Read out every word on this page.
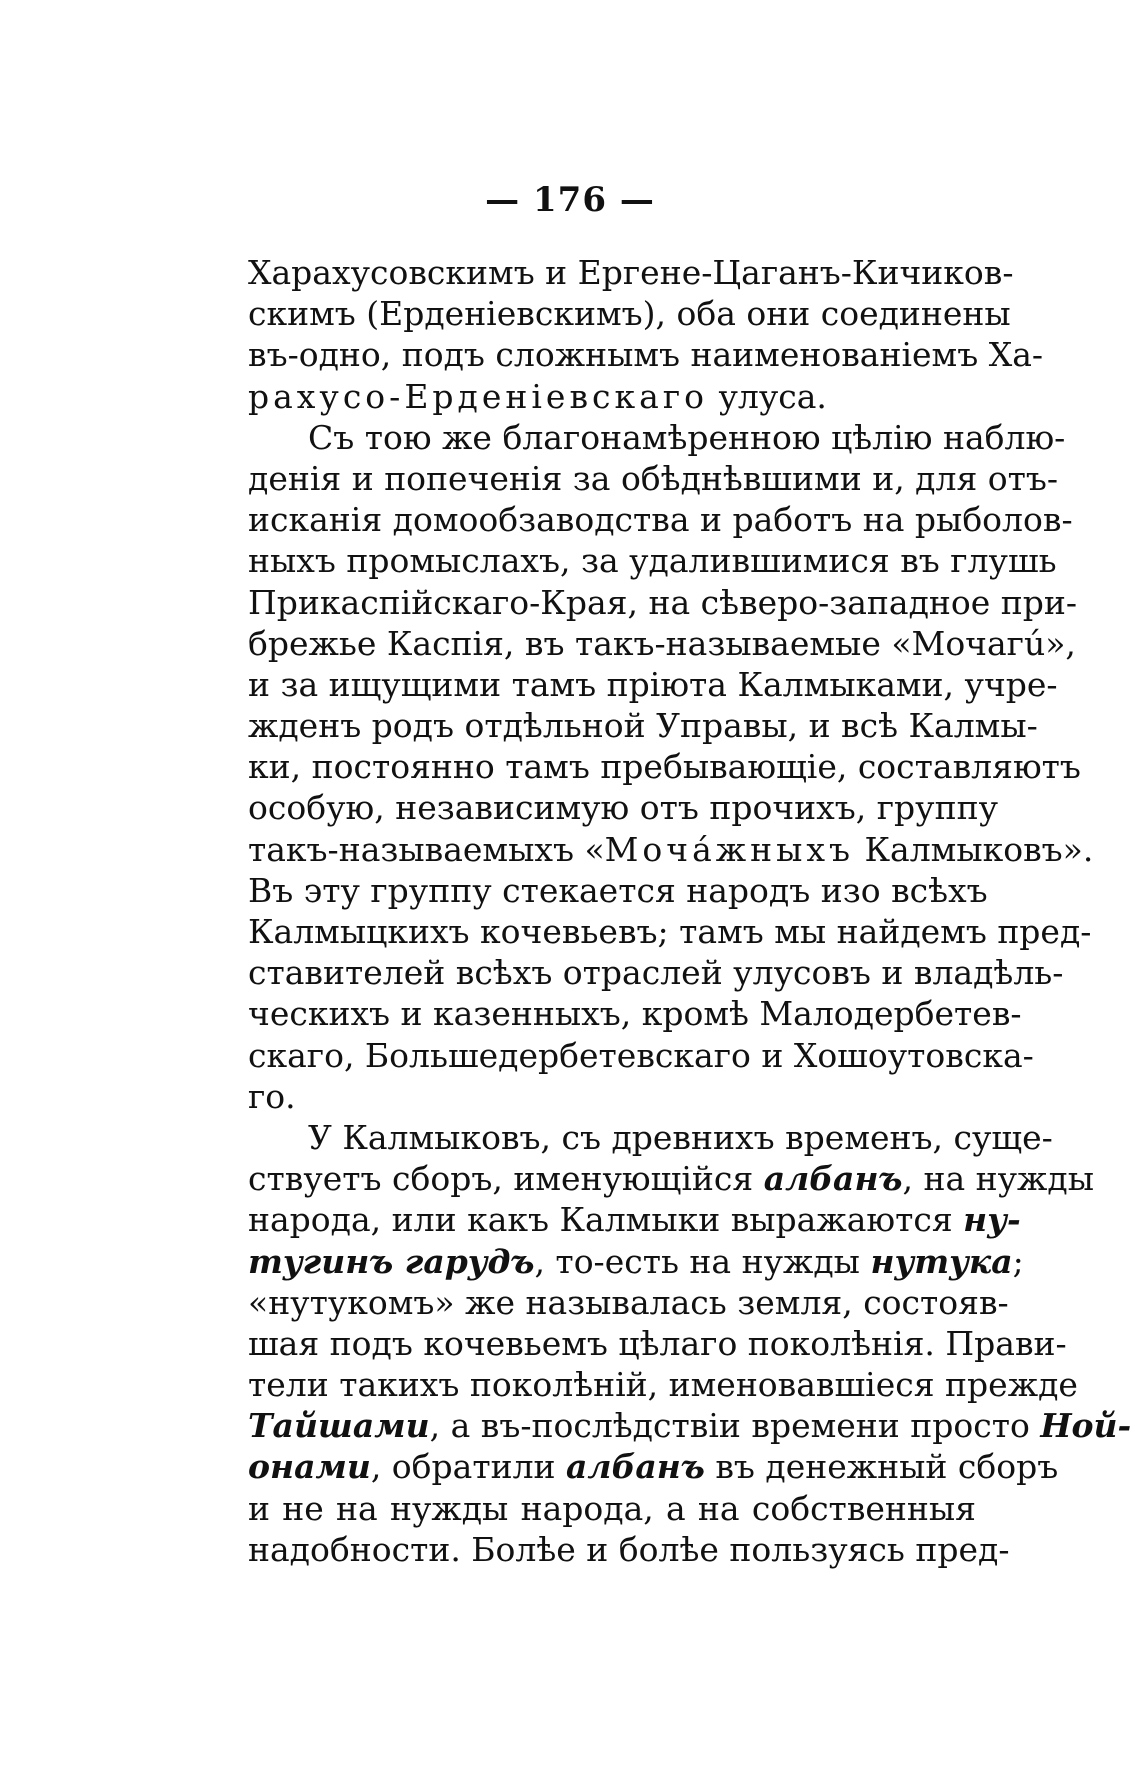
— 176 —
Харахусовскимъ и Ергене-Цаганъ-Кичиков-
скимъ (Ерденiевскимъ), оба они соединены
въ-одно, подъ сложнымъ наименованiемъ Ха-
рахусо-Ерденiевскаго улуса.
Съ тою же благонамѣренною цѣлiю наблю-
денiя и попеченiя за обѣднѣвшими и, для отъ-
исканiя домообзаводства и работъ на рыболов-
ныхъ промыслахъ, за удалившимися въ глушь
Прикаспiйскаго-Края, на сѣверо-западное при-
брежье Каспiя, въ такъ-называемые «Мочагú»,
и за ищущими тамъ прiюта Калмыками, учре-
жденъ родъ отдѣльной Управы, и всѣ Калмы-
ки, постоянно тамъ пребывающiе, составляютъ
особую, независимую отъ прочихъ, группу
такъ-называемыхъ «Моча́жныхъ Калмыковъ».
Въ эту группу стекается народъ изо всѣхъ
Калмыцкихъ кочевьевъ; тамъ мы найдемъ пред-
ставителей всѣхъ отраслей улусовъ и владѣль-
ческихъ и казенныхъ, кромѣ Малодербетев-
скаго, Большедербетевскаго и Хошоутовска-
го.
У Калмыковъ, съ древнихъ временъ, суще-
ствуетъ сборъ, именующiйся албанъ, на нужды
народа, или какъ Калмыки выражаются ну-
тугинъ гарудъ, то-есть на нужды нутука;
«нутукомъ» же называлась земля, состояв-
шая подъ кочевьемъ цѣлаго поколѣнiя. Прави-
тели такихъ поколѣнiй, именовавшiеся прежде
Тайшами, а въ-послѣдствiи времени просто Ной-
онами, обратили албанъ въ денежный сборъ
и не на нужды народа, а на собственныя
надобности. Болѣе и болѣе пользуясь пред-
